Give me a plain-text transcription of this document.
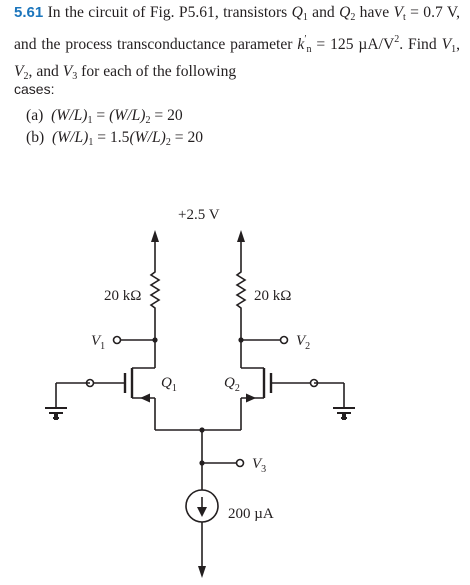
5.61 In the circuit of Fig. P5.61, transistors $Q_1$ and $Q_2$ have $V_t = 0.7$ V, and the process transconductance parameter $k'_n = 125$ $\mu A/V^2$. Find $V_1$, $V_2$, and $V_3$ for each of the following
cases:
(a) $(W/L)_1 = (W/L)_2 = 20$
(b) $(W/L)_1 = 1.5(W/L)_2 = 20$
+2.5 V
20 kΩ	20 kΩ
$V_1$	$V_2$
$Q_1$	$Q_2$
$V_3$
200 µA
